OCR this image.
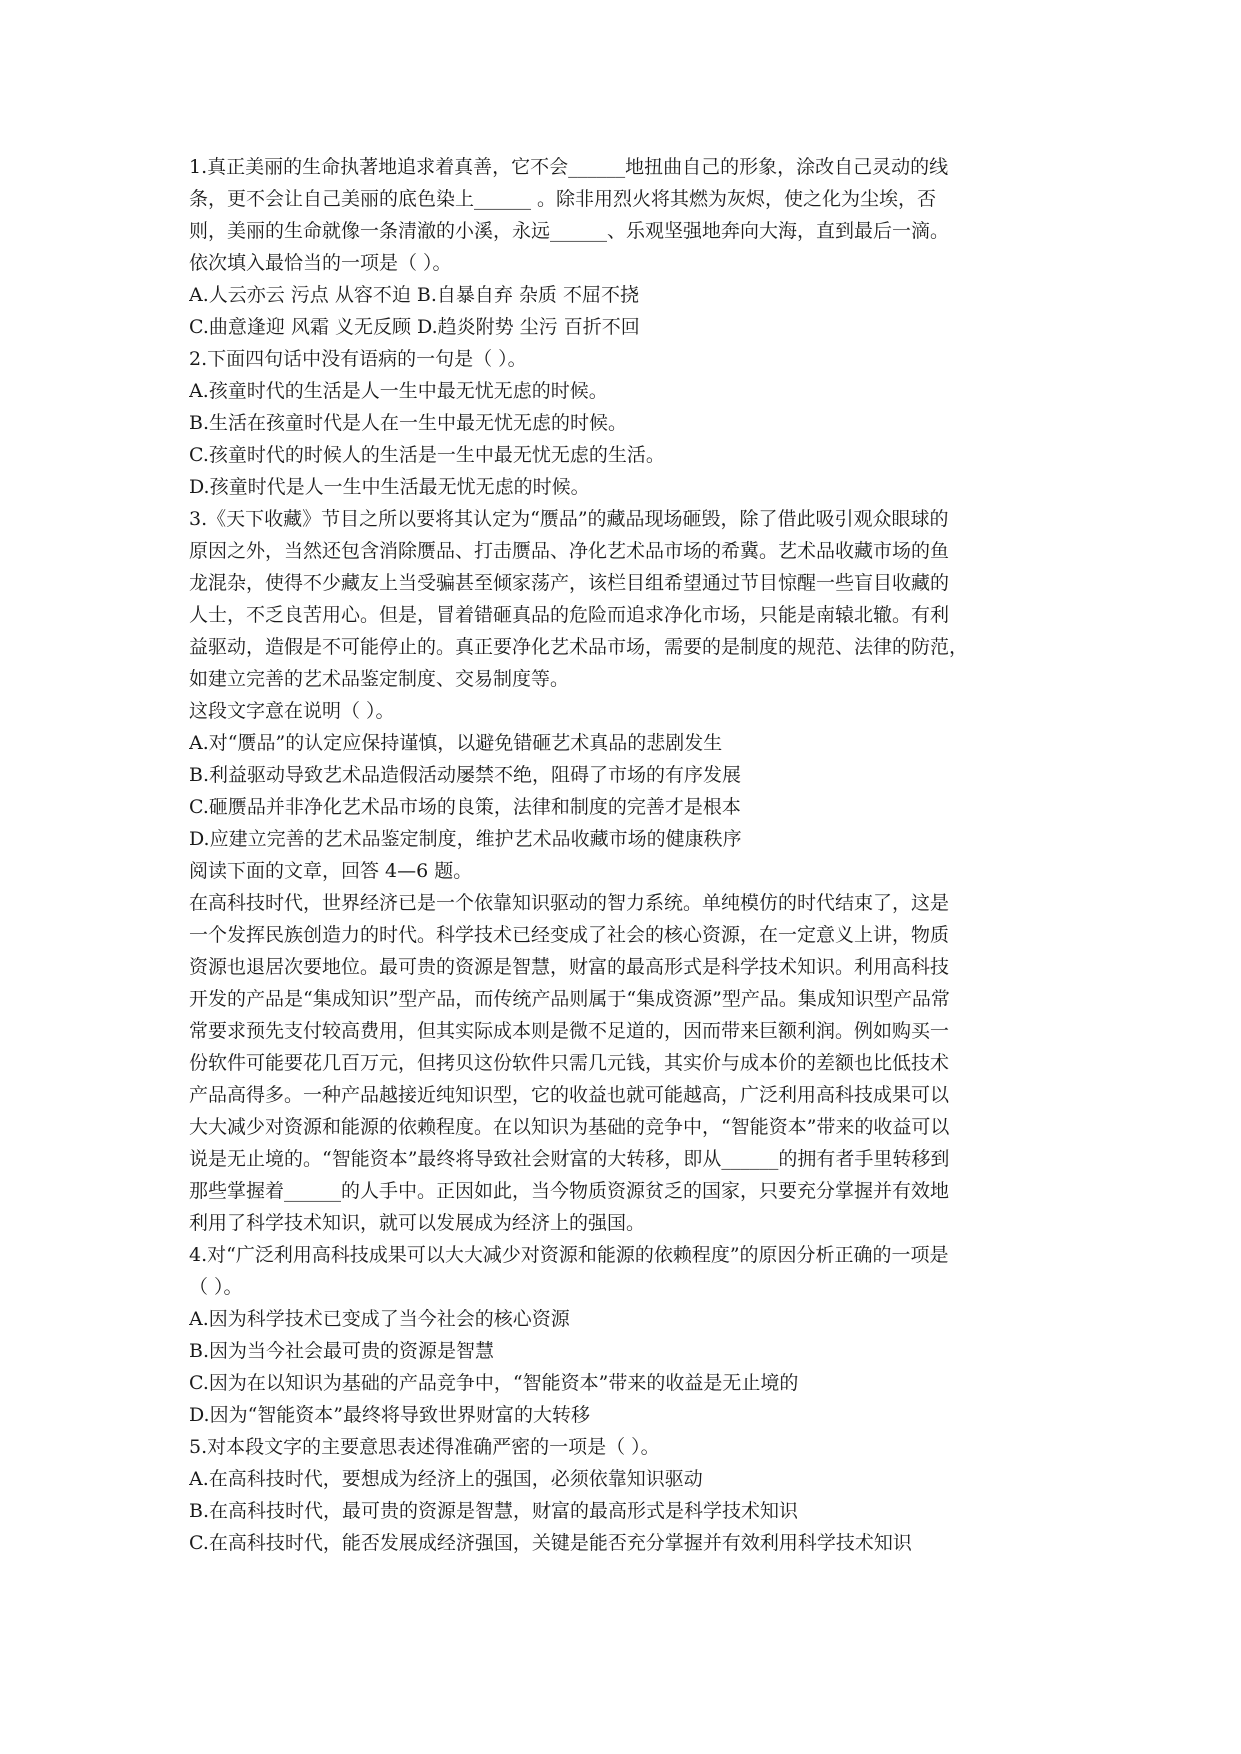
1.真正美丽的生命执著地追求着真善，它不会______地扭曲自己的形象，涂改自己灵动的线
条，更不会让自己美丽的底色染上______ 。除非用烈火将其燃为灰烬，使之化为尘埃，否
则，美丽的生命就像一条清澈的小溪，永远______、乐观坚强地奔向大海，直到最后一滴。
依次填入最恰当的一项是（ ）。
A.人云亦云 污点 从容不迫 B.自暴自弃 杂质 不屈不挠
C.曲意逢迎 风霜 义无反顾 D.趋炎附势 尘污 百折不回
2.下面四句话中没有语病的一句是（ ）。
A.孩童时代的生活是人一生中最无忧无虑的时候。
B.生活在孩童时代是人在一生中最无忧无虑的时候。
C.孩童时代的时候人的生活是一生中最无忧无虑的生活。
D.孩童时代是人一生中生活最无忧无虑的时候。
3.《天下收藏》节目之所以要将其认定为“赝品”的藏品现场砸毁，除了借此吸引观众眼球的
原因之外，当然还包含消除赝品、打击赝品、净化艺术品市场的希冀。艺术品收藏市场的鱼
龙混杂，使得不少藏友上当受骗甚至倾家荡产，该栏目组希望通过节目惊醒一些盲目收藏的
人士，不乏良苦用心。但是，冒着错砸真品的危险而追求净化市场，只能是南辕北辙。有利
益驱动，造假是不可能停止的。真正要净化艺术品市场，需要的是制度的规范、法律的防范，
如建立完善的艺术品鉴定制度、交易制度等。
这段文字意在说明（ ）。
A.对“赝品”的认定应保持谨慎，以避免错砸艺术真品的悲剧发生
B.利益驱动导致艺术品造假活动屡禁不绝，阻碍了市场的有序发展
C.砸赝品并非净化艺术品市场的良策，法律和制度的完善才是根本
D.应建立完善的艺术品鉴定制度，维护艺术品收藏市场的健康秩序
阅读下面的文章，回答 4—6 题。
在高科技时代，世界经济已是一个依靠知识驱动的智力系统。单纯模仿的时代结束了，这是
一个发挥民族创造力的时代。科学技术已经变成了社会的核心资源，在一定意义上讲，物质
资源也退居次要地位。最可贵的资源是智慧，财富的最高形式是科学技术知识。利用高科技
开发的产品是“集成知识”型产品，而传统产品则属于“集成资源”型产品。集成知识型产品常
常要求预先支付较高费用，但其实际成本则是微不足道的，因而带来巨额利润。例如购买一
份软件可能要花几百万元，但拷贝这份软件只需几元钱，其实价与成本价的差额也比低技术
产品高得多。一种产品越接近纯知识型，它的收益也就可能越高，广泛利用高科技成果可以
大大减少对资源和能源的依赖程度。在以知识为基础的竞争中，“智能资本”带来的收益可以
说是无止境的。“智能资本”最终将导致社会财富的大转移，即从______的拥有者手里转移到
那些掌握着______的人手中。正因如此，当今物质资源贫乏的国家，只要充分掌握并有效地
利用了科学技术知识，就可以发展成为经济上的强国。
4.对“广泛利用高科技成果可以大大减少对资源和能源的依赖程度”的原因分析正确的一项是
（ ）。
A.因为科学技术已变成了当今社会的核心资源
B.因为当今社会最可贵的资源是智慧
C.因为在以知识为基础的产品竞争中，“智能资本”带来的收益是无止境的
D.因为“智能资本”最终将导致世界财富的大转移
5.对本段文字的主要意思表述得准确严密的一项是（ ）。
A.在高科技时代，要想成为经济上的强国，必须依靠知识驱动
B.在高科技时代，最可贵的资源是智慧，财富的最高形式是科学技术知识
C.在高科技时代，能否发展成经济强国，关键是能否充分掌握并有效利用科学技术知识
